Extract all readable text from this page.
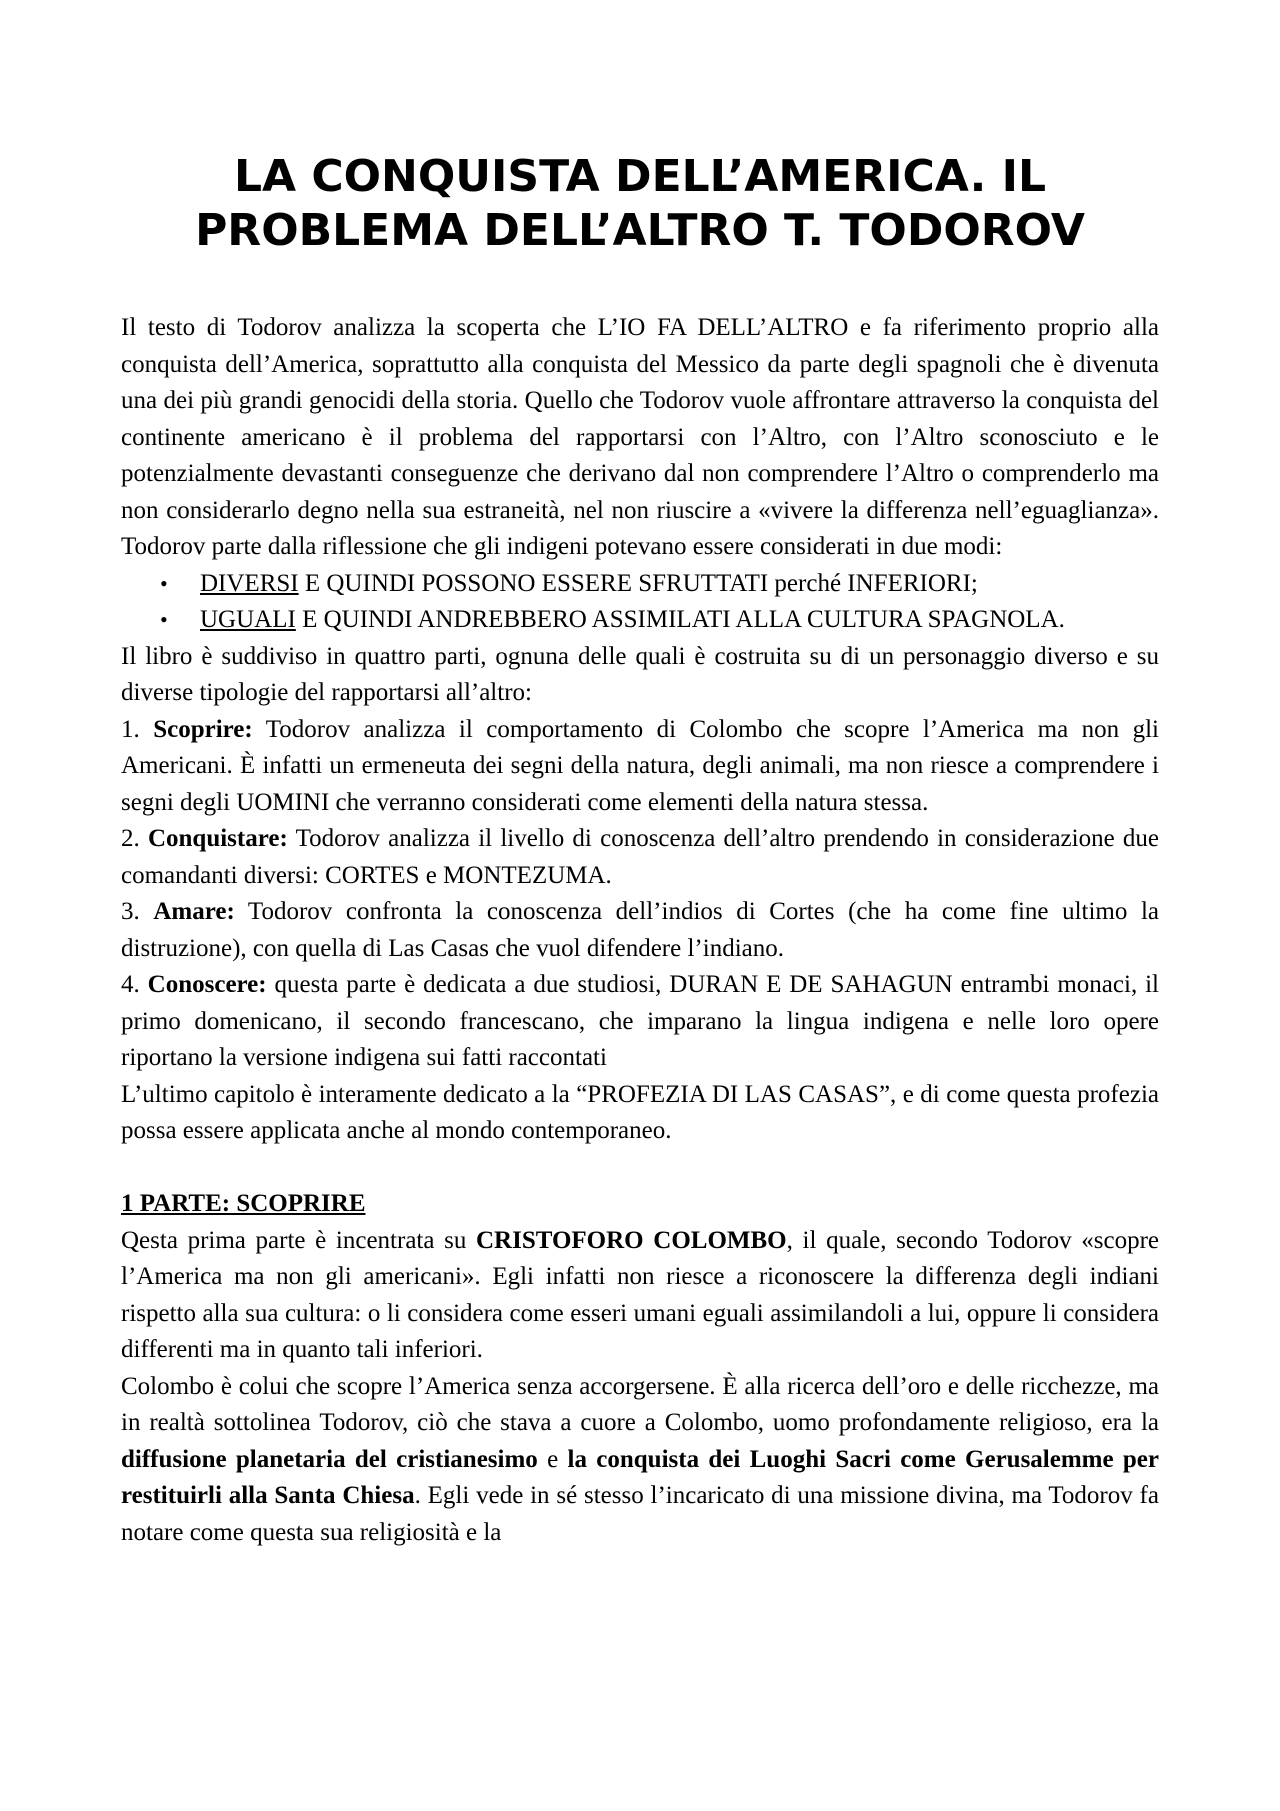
LA CONQUISTA DELL’AMERICA. IL PROBLEMA DELL’ALTRO T. TODOROV

Il testo di Todorov analizza la scoperta che L’IO FA DELL’ALTRO e fa riferimento proprio alla conquista dell’America, soprattutto alla conquista del Messico da parte degli spagnoli che è divenuta una dei più grandi genocidi della storia. Quello che Todorov vuole affrontare attraverso la conquista del continente americano è il problema del rapportarsi con l’Altro, con l’Altro sconosciuto e le potenzialmente devastanti conseguenze che derivano dal non comprendere l’Altro o comprenderlo ma non considerarlo degno nella sua estraneità, nel non riuscire a «vivere la differenza nell’eguaglianza». Todorov parte dalla riflessione che gli indigeni potevano essere considerati in due modi:

• DIVERSI E QUINDI POSSONO ESSERE SFRUTTATI perché INFERIORI;
• UGUALI E QUINDI ANDREBBERO ASSIMILATI ALLA CULTURA SPAGNOLA.

Il libro è suddiviso in quattro parti, ognuna delle quali è costruita su di un personaggio diverso e su diverse tipologie del rapportarsi all’altro:

1. Scoprire: Todorov analizza il comportamento di Colombo che scopre l’America ma non gli Americani. È infatti un ermeneuta dei segni della natura, degli animali, ma non riesce a comprendere i segni degli UOMINI che verranno considerati come elementi della natura stessa.

2. Conquistare: Todorov analizza il livello di conoscenza dell’altro prendendo in considerazione due comandanti diversi: CORTES e MONTEZUMA.

3. Amare: Todorov confronta la conoscenza dell’indios di Cortes (che ha come fine ultimo la distruzione), con quella di Las Casas che vuol difendere l’indiano.

4. Conoscere: questa parte è dedicata a due studiosi, DURAN E DE SAHAGUN entrambi monaci, il primo domenicano, il secondo francescano, che imparano la lingua indigena e nelle loro opere riportano la versione indigena sui fatti raccontati

L’ultimo capitolo è interamente dedicato a la “PROFEZIA DI LAS CASAS”, e di come questa profezia possa essere applicata anche al mondo contemporaneo.

1 PARTE: SCOPRIRE

Qesta prima parte è incentrata su CRISTOFORO COLOMBO, il quale, secondo Todorov «scopre l’America ma non gli americani». Egli infatti non riesce a riconoscere la differenza degli indiani rispetto alla sua cultura: o li considera come esseri umani eguali assimilandoli a lui, oppure li considera differenti ma in quanto tali inferiori.

Colombo è colui che scopre l’America senza accorgersene. È alla ricerca dell’oro e delle ricchezze, ma in realtà sottolinea Todorov, ciò che stava a cuore a Colombo, uomo profondamente religioso, era la diffusione planetaria del cristianesimo e la conquista dei Luoghi Sacri come Gerusalemme per restituirli alla Santa Chiesa. Egli vede in sé stesso l’incaricato di una missione divina, ma Todorov fa notare come questa sua religiosità e la
